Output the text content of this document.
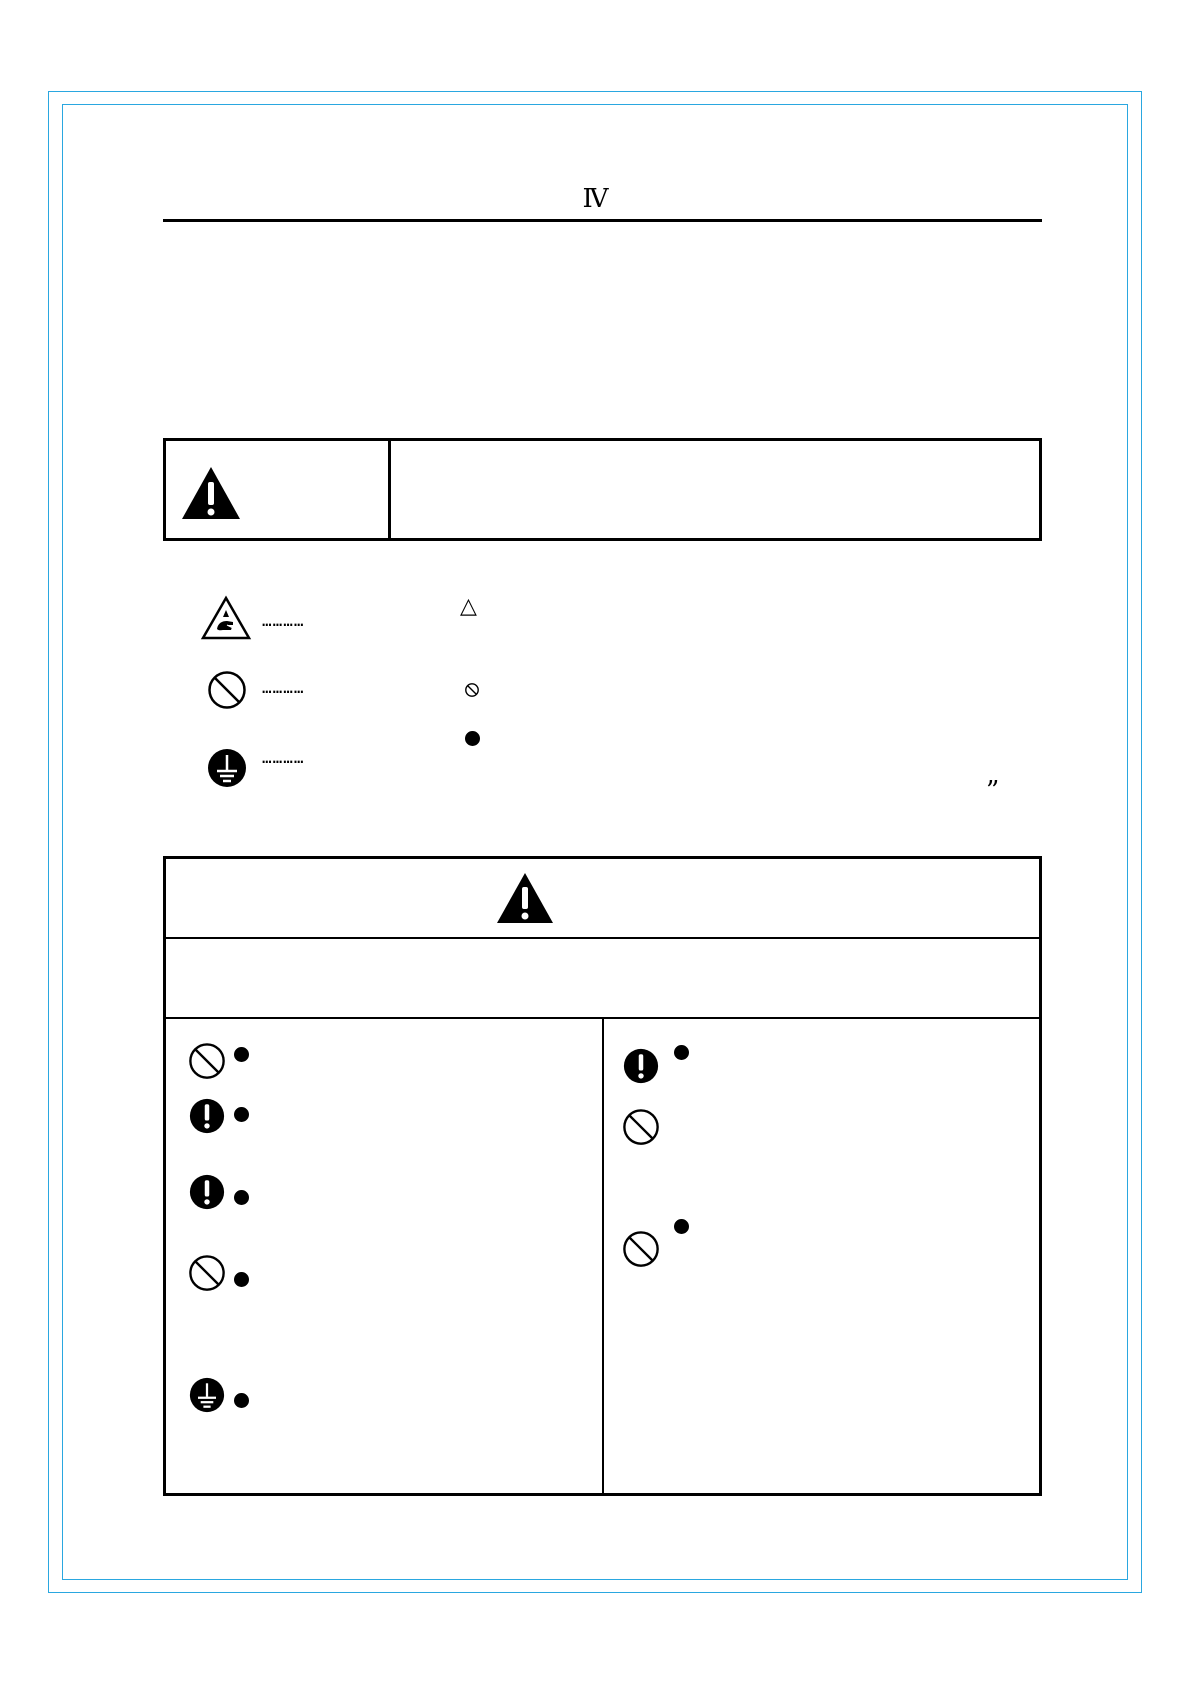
Ⅳ
…………
△
…………
…………
”
